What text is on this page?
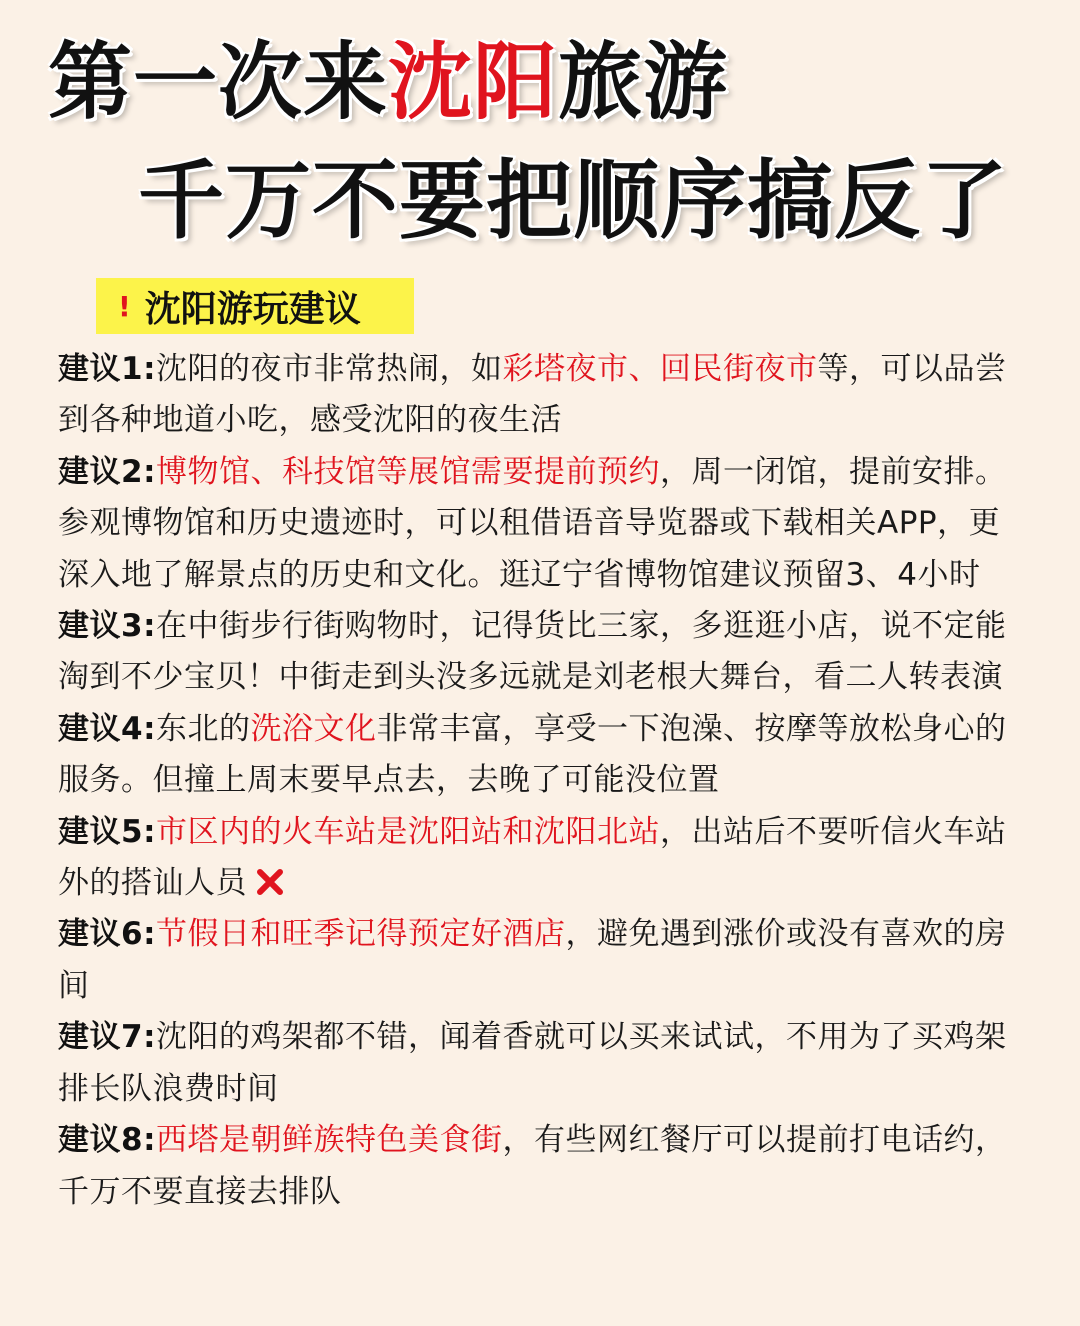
第一次来沈阳旅游
千万不要把顺序搞反了
! 沈阳游玩建议

建议1:沈阳的夜市非常热闹，如彩塔夜市、回民街夜市等，可以品尝到各种地道小吃，感受沈阳的夜生活

建议2:博物馆、科技馆等展馆需要提前预约，周一闭馆，提前安排。参观博物馆和历史遗迹时，可以租借语音导览器或下载相关APP，更深入地了解景点的历史和文化。逛辽宁省博物馆建议预留3、4小时

建议3:在中街步行街购物时，记得货比三家，多逛逛小店，说不定能淘到不少宝贝！中街走到头没多远就是刘老根大舞台，看二人转表演

建议4:东北的洗浴文化非常丰富，享受一下泡澡、按摩等放松身心的服务。但撞上周末要早点去，去晚了可能没位置

建议5:市区内的火车站是沈阳站和沈阳北站，出站后不要听信火车站外的搭讪人员

建议6:节假日和旺季记得预定好酒店，避免遇到涨价或没有喜欢的房间

建议7:沈阳的鸡架都不错，闻着香就可以买来试试，不用为了买鸡架排长队浪费时间

建议8:西塔是朝鲜族特色美食街，有些网红餐厅可以提前打电话约，千万不要直接去排队
